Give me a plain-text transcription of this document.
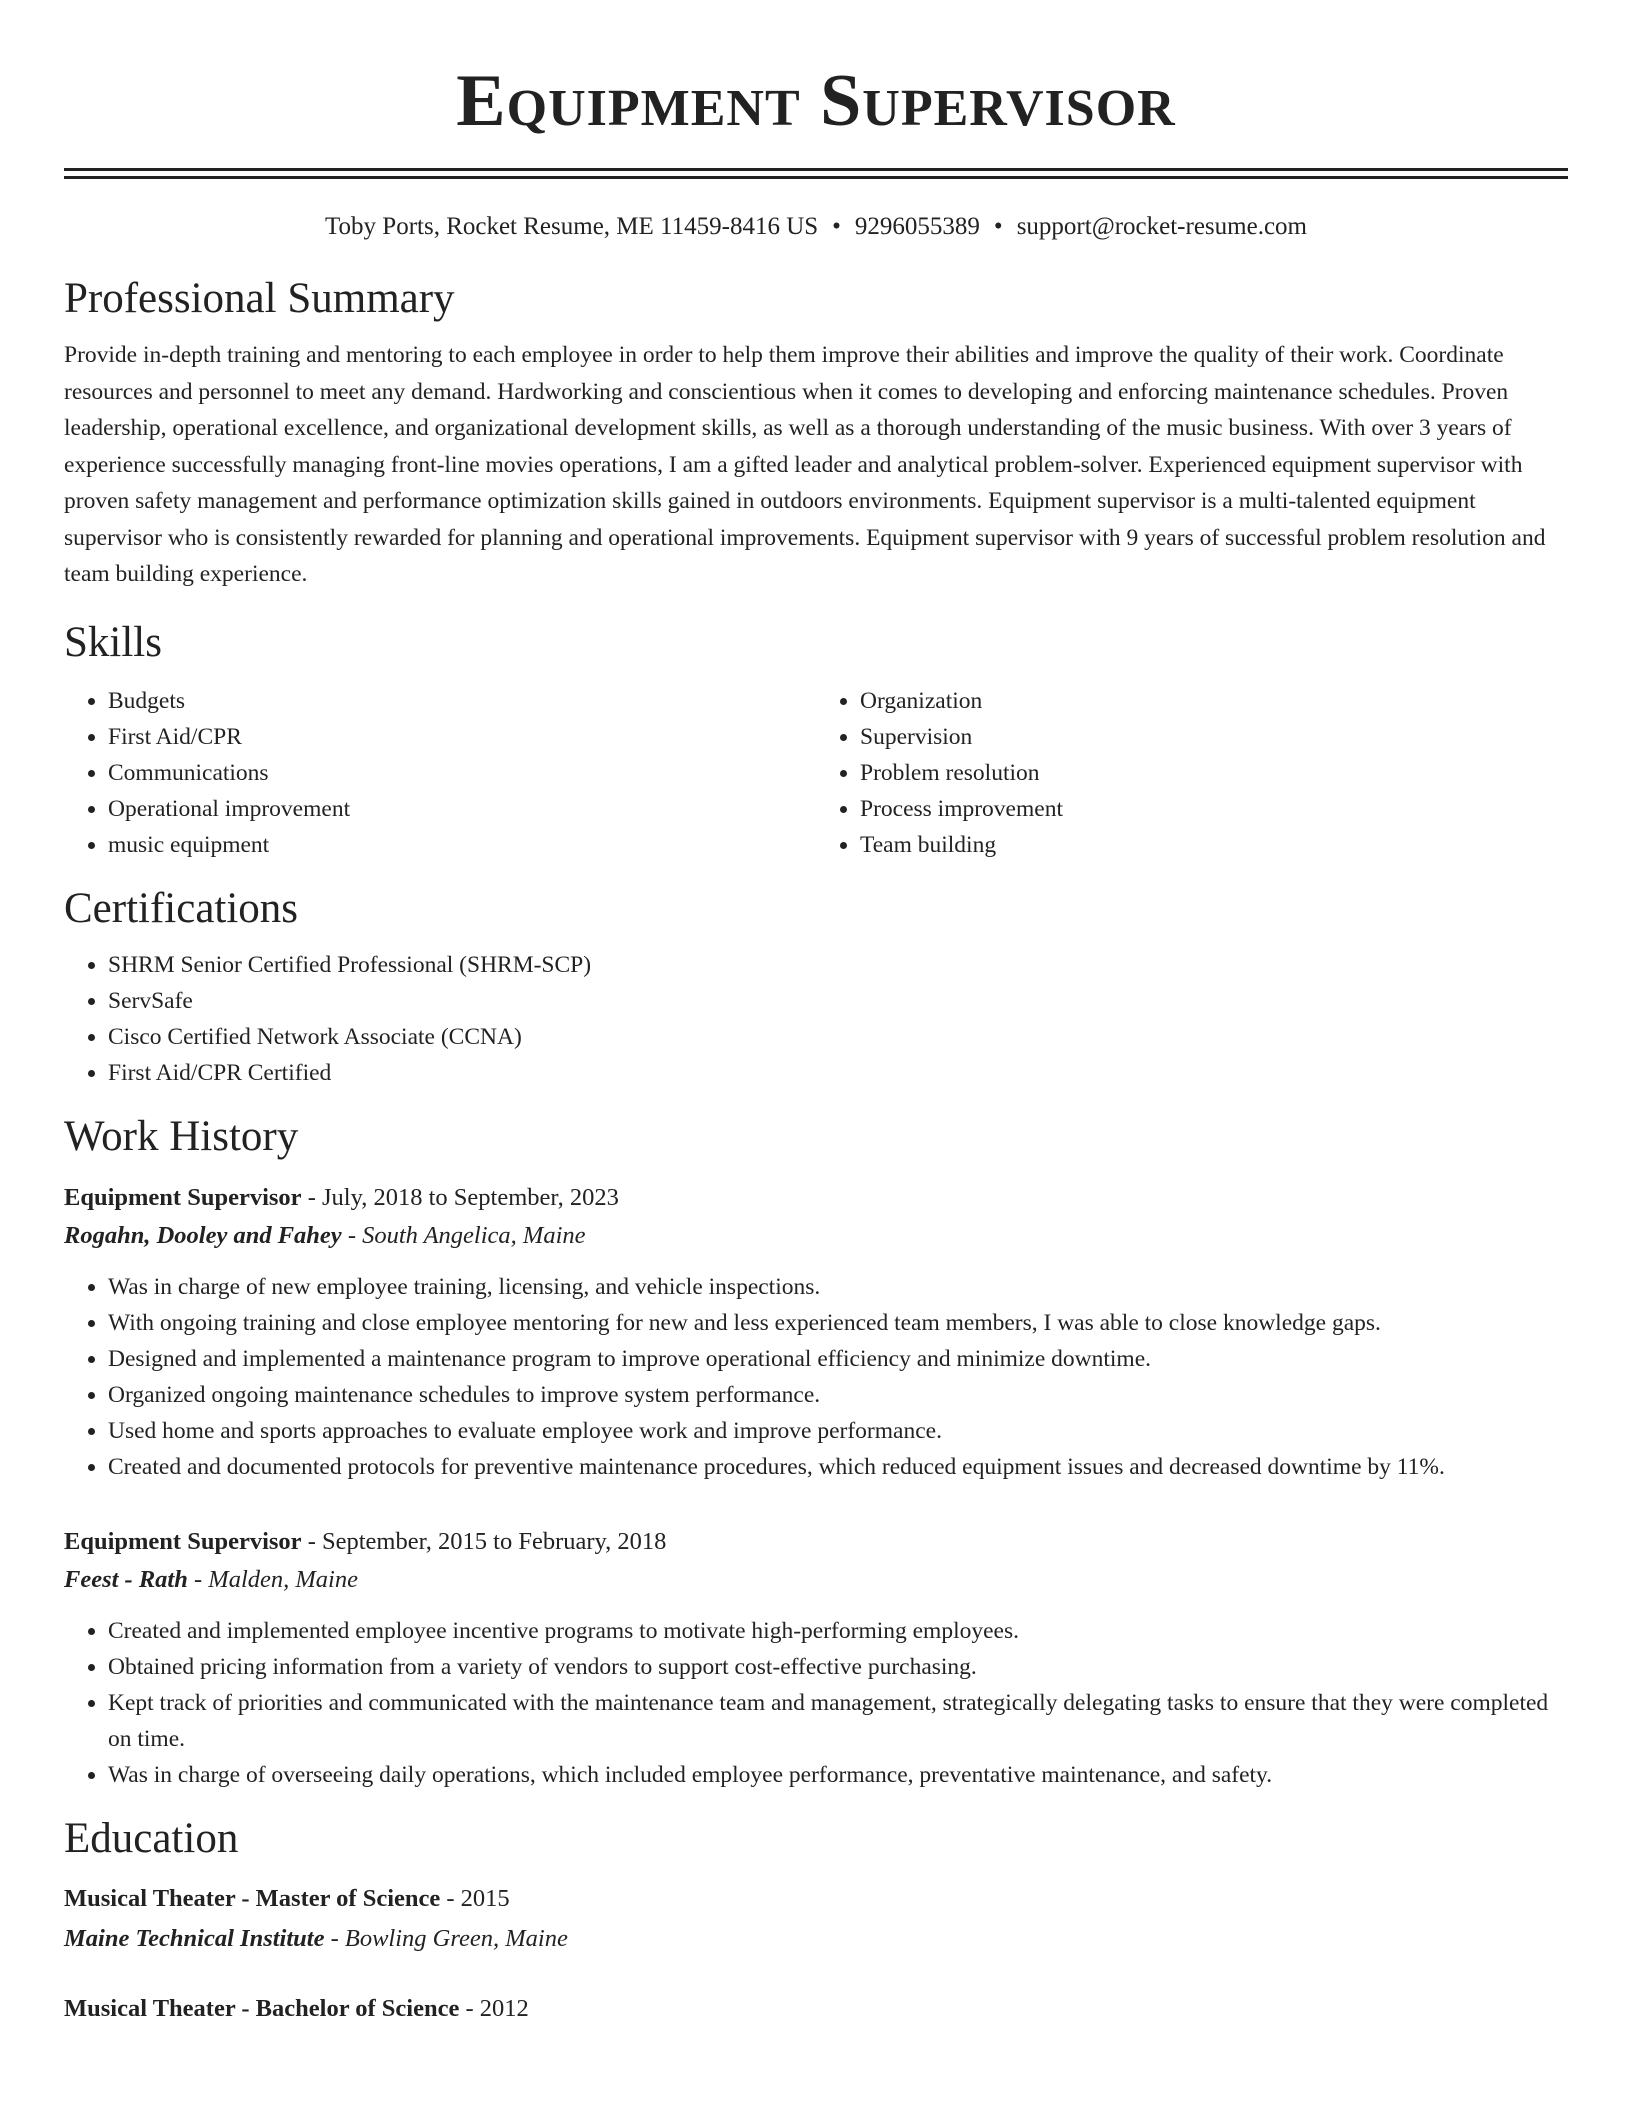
Equipment Supervisor
Toby Ports, Rocket Resume, ME 11459-8416 US • 9296055389 • support@rocket-resume.com
Professional Summary

Provide in-depth training and mentoring to each employee in order to help them improve their abilities and improve the quality of their work. Coordinate resources and personnel to meet any demand. Hardworking and conscientious when it comes to developing and enforcing maintenance schedules. Proven leadership, operational excellence, and organizational development skills, as well as a thorough understanding of the music business. With over 3 years of experience successfully managing front-line movies operations, I am a gifted leader and analytical problem-solver. Experienced equipment supervisor with proven safety management and performance optimization skills gained in outdoors environments. Equipment supervisor is a multi-talented equipment supervisor who is consistently rewarded for planning and operational improvements. Equipment supervisor with 9 years of successful problem resolution and team building experience.

Skills
• Budgets
• First Aid/CPR
• Communications
• Operational improvement
• music equipment
• Organization
• Supervision
• Problem resolution
• Process improvement
• Team building
Certifications
• SHRM Senior Certified Professional (SHRM-SCP)
• ServSafe
• Cisco Certified Network Associate (CCNA)
• First Aid/CPR Certified
Work History
Equipment Supervisor - July, 2018 to September, 2023
Rogahn, Dooley and Fahey - South Angelica, Maine
• Was in charge of new employee training, licensing, and vehicle inspections.
• With ongoing training and close employee mentoring for new and less experienced team members, I was able to close knowledge gaps.
• Designed and implemented a maintenance program to improve operational efficiency and minimize downtime.
• Organized ongoing maintenance schedules to improve system performance.
• Used home and sports approaches to evaluate employee work and improve performance.
• Created and documented protocols for preventive maintenance procedures, which reduced equipment issues and decreased downtime by 11%.
Equipment Supervisor - September, 2015 to February, 2018
Feest - Rath - Malden, Maine
• Created and implemented employee incentive programs to motivate high-performing employees.
• Obtained pricing information from a variety of vendors to support cost-effective purchasing.
• Kept track of priorities and communicated with the maintenance team and management, strategically delegating tasks to ensure that they were completed on time.
• Was in charge of overseeing daily operations, which included employee performance, preventative maintenance, and safety.
Education
Musical Theater - Master of Science - 2015
Maine Technical Institute - Bowling Green, Maine
Musical Theater - Bachelor of Science - 2012
